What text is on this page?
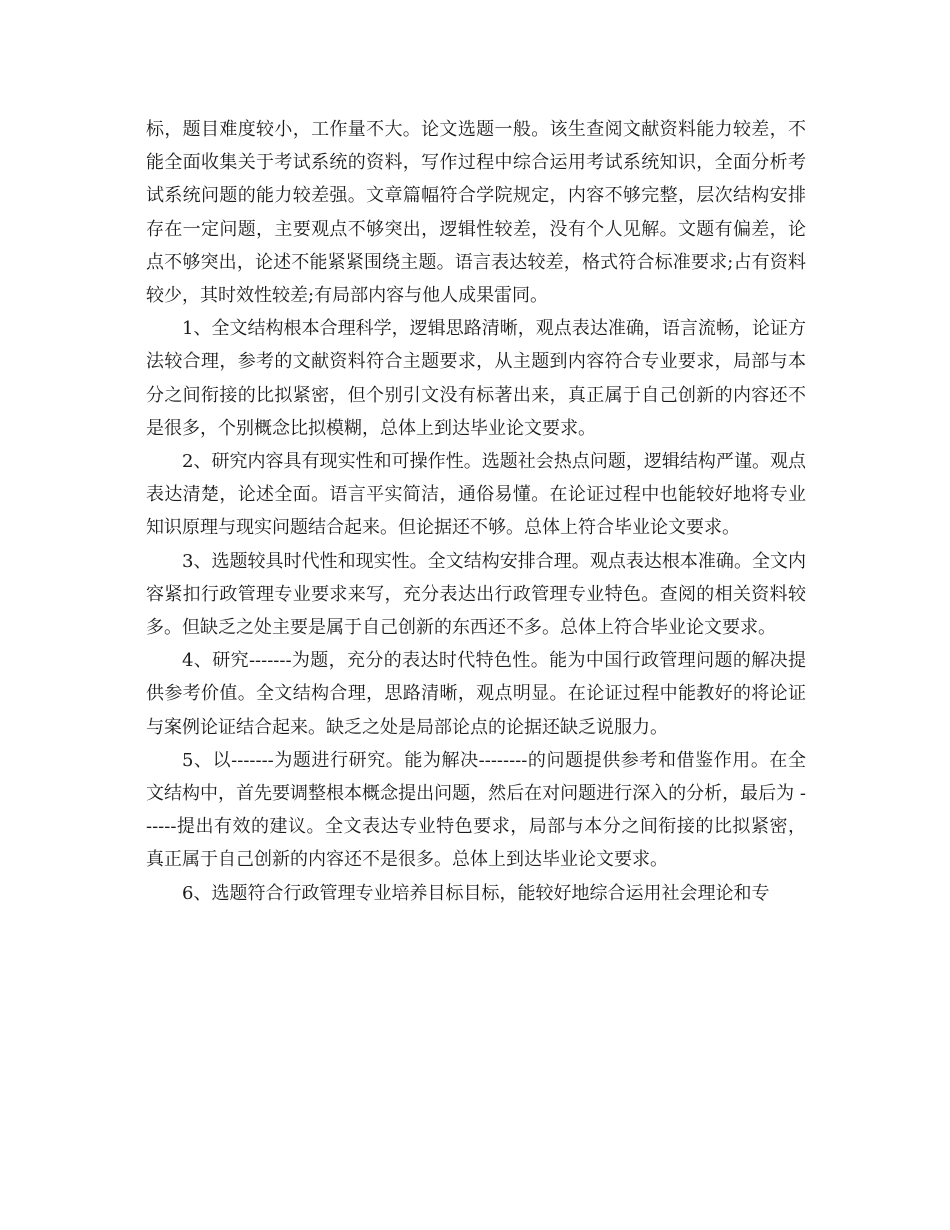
标，题目难度较小，工作量不大。论文选题一般。该生查阅文献资料能力较差，不能全面收集关于考试系统的资料，写作过程中综合运用考试系统知识，全面分析考试系统问题的能力较差强。文章篇幅符合学院规定，内容不够完整，层次结构安排存在一定问题，主要观点不够突出，逻辑性较差，没有个人见解。文题有偏差，论点不够突出，论述不能紧紧围绕主题。语言表达较差，格式符合标准要求;占有资料较少，其时效性较差;有局部内容与他人成果雷同。

1、全文结构根本合理科学，逻辑思路清晰，观点表达准确，语言流畅，论证方法较合理，参考的文献资料符合主题要求，从主题到内容符合专业要求，局部与本分之间衔接的比拟紧密，但个别引文没有标著出来，真正属于自己创新的内容还不是很多，个别概念比拟模糊，总体上到达毕业论文要求。

2、研究内容具有现实性和可操作性。选题社会热点问题，逻辑结构严谨。观点表达清楚，论述全面。语言平实简洁，通俗易懂。在论证过程中也能较好地将专业知识原理与现实问题结合起来。但论据还不够。总体上符合毕业论文要求。

3、选题较具时代性和现实性。全文结构安排合理。观点表达根本准确。全文内容紧扣行政管理专业要求来写，充分表达出行政管理专业特色。查阅的相关资料较多。但缺乏之处主要是属于自己创新的东西还不多。总体上符合毕业论文要求。

4、研究-------为题，充分的表达时代特色性。能为中国行政管理问题的解决提供参考价值。全文结构合理，思路清晰，观点明显。在论证过程中能教好的将论证与案例论证结合起来。缺乏之处是局部论点的论据还缺乏说服力。

5、以-------为题进行研究。能为解决--------的问题提供参考和借鉴作用。在全文结构中，首先要调整根本概念提出问题，然后在对问题进行深入的分析，最后为 ------提出有效的建议。全文表达专业特色要求，局部与本分之间衔接的比拟紧密，真正属于自己创新的内容还不是很多。总体上到达毕业论文要求。

6、选题符合行政管理专业培养目标目标，能较好地综合运用社会理论和专
